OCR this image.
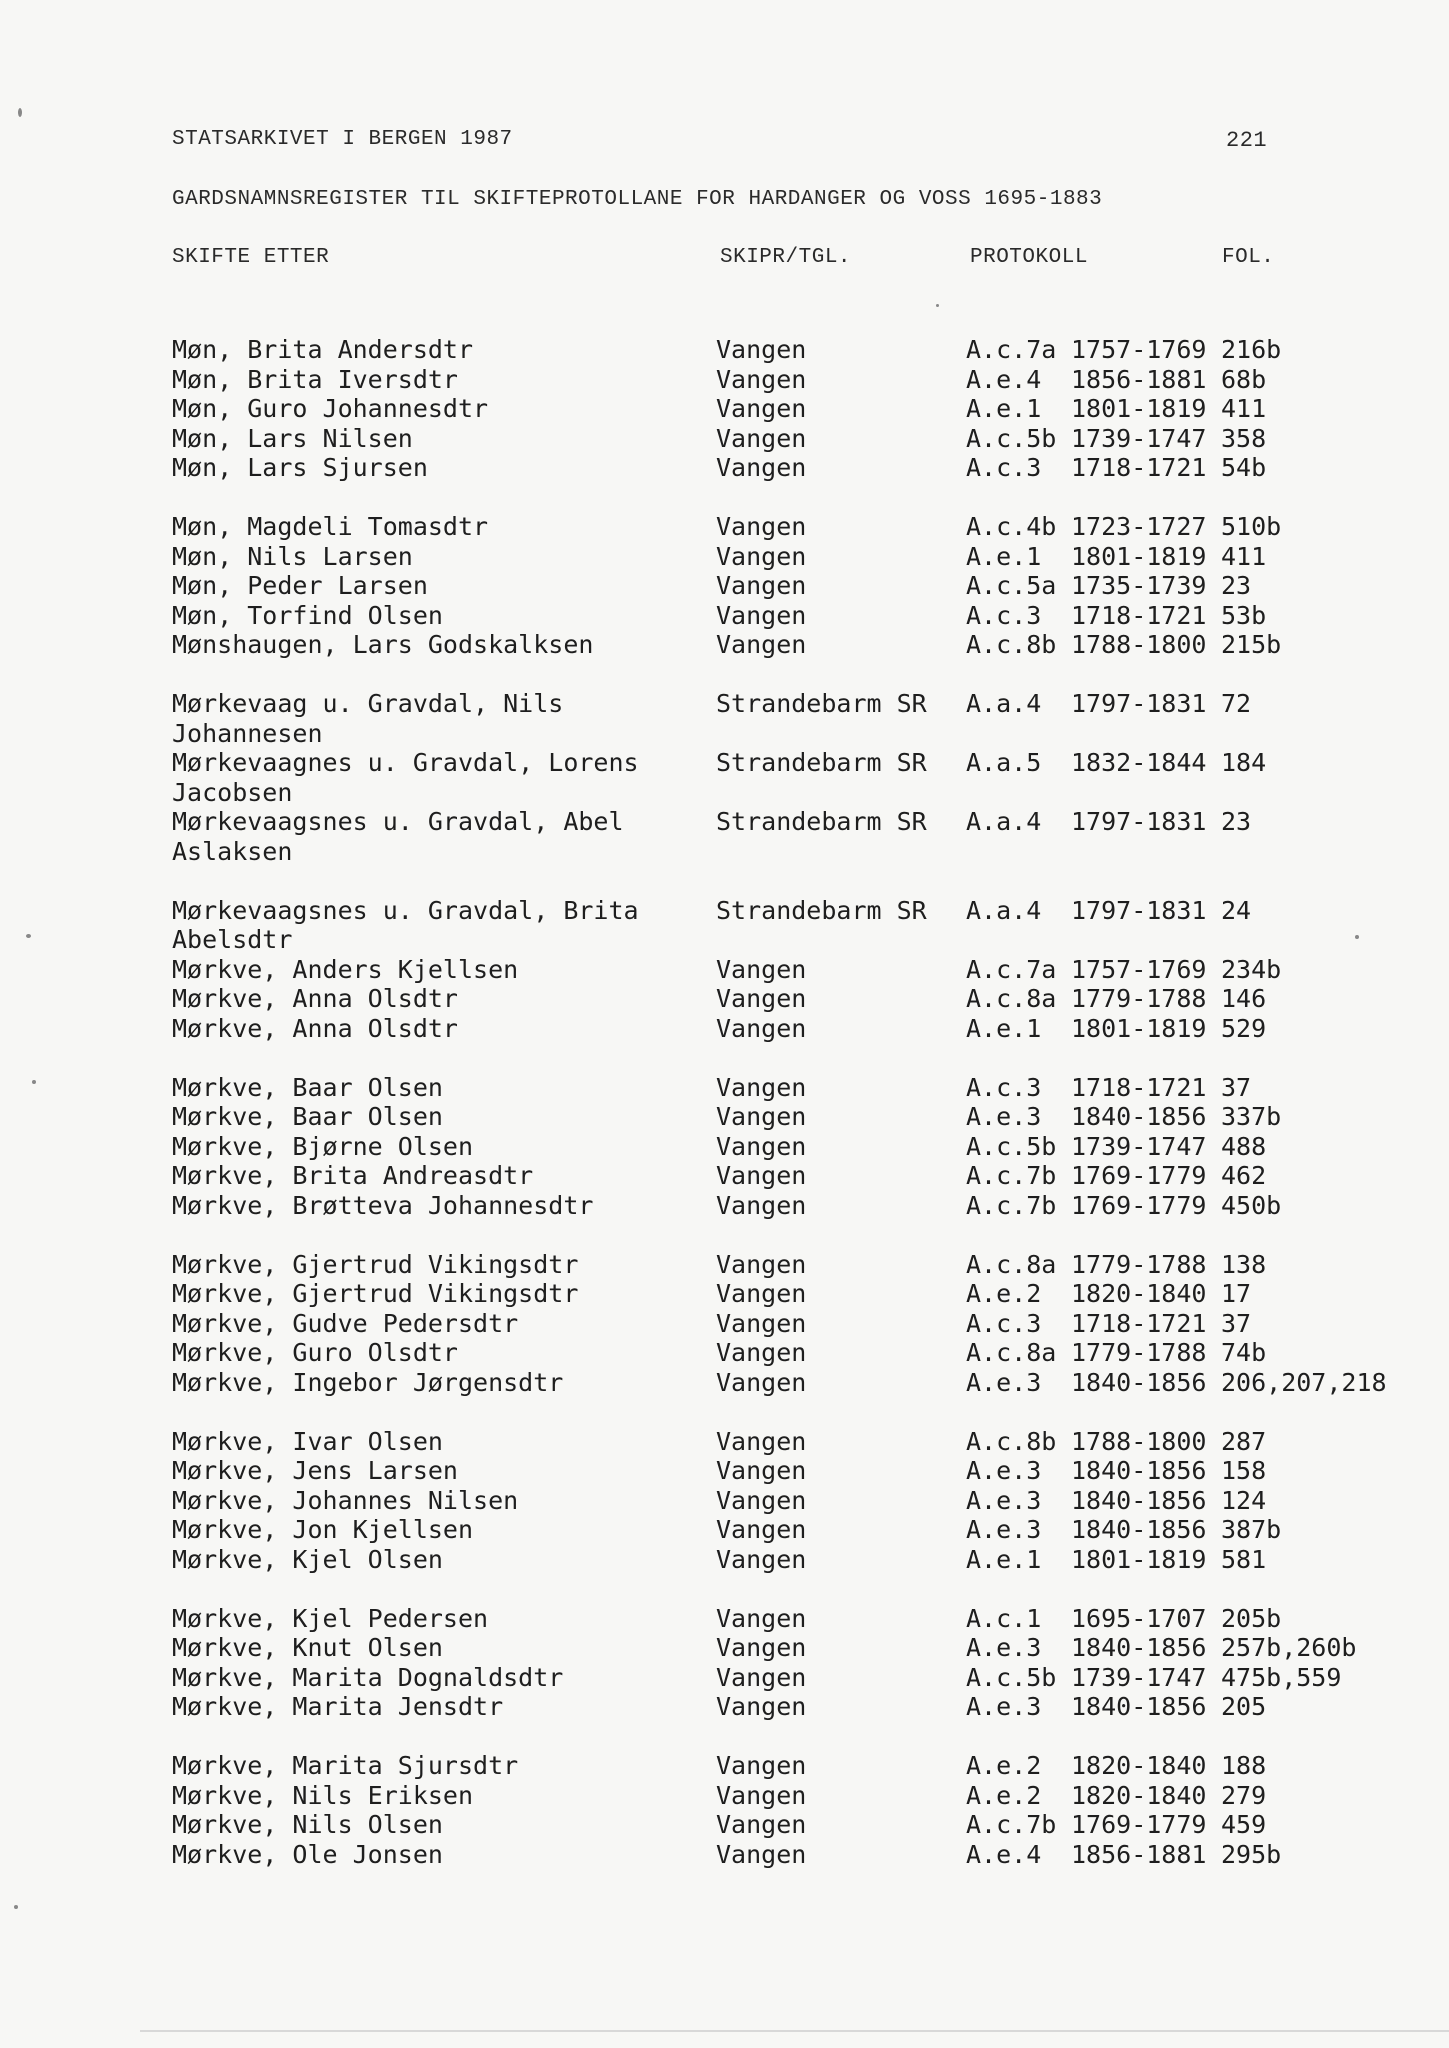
STATSARKIVET I BERGEN 1987	221
GARDSNAMNSREGISTER TIL SKIFTEPROTOLLANE FOR HARDANGER OG VOSS 1695-1883
SKIFTE ETTER	SKIPR/TGL.	PROTOKOLL	FOL.
Møn, Brita Andersdtr	Vangen	A.c.7a 1757-1769 216b
Møn, Brita Iversdtr	Vangen	A.e.4 1856-1881 68b
Møn, Guro Johannesdtr	Vangen	A.e.1 1801-1819 411
Møn, Lars Nilsen	Vangen	A.c.5b 1739-1747 358
Møn, Lars Sjursen	Vangen	A.c.3 1718-1721 54b
Møn, Magdeli Tomasdtr	Vangen	A.c.4b 1723-1727 510b
Møn, Nils Larsen	Vangen	A.e.1 1801-1819 411
Møn, Peder Larsen	Vangen	A.c.5a 1735-1739 23
Møn, Torfind Olsen	Vangen	A.c.3 1718-1721 53b
Mønshaugen, Lars Godskalksen	Vangen	A.c.8b 1788-1800 215b
Mørkevaag u. Gravdal, Nils	Strandebarm SR A.a.4 1797-1831 72
Johannesen
Mørkevaagnes u. Gravdal, Lorens	Strandebarm SR A.a.5 1832-1844 184
Jacobsen
Mørkevaagsnes u. Gravdal, Abel	Strandebarm SR A.a.4 1797-1831 23
Aslaksen
Mørkevaagsnes u. Gravdal, Brita	Strandebarm SR A.a.4 1797-1831 24
Abelsdtr
Mørkve, Anders Kjellsen	Vangen	A.c.7a 1757-1769 234b
Mørkve, Anna Olsdtr	Vangen	A.c.8a 1779-1788 146
Mørkve, Anna Olsdtr	Vangen	A.e.1 1801-1819 529
Mørkve, Baar Olsen	Vangen	A.c.3 1718-1721 37
Mørkve, Baar Olsen	Vangen	A.e.3 1840-1856 337b
Mørkve, Bjørne Olsen	Vangen	A.c.5b 1739-1747 488
Mørkve, Brita Andreasdtr	Vangen	A.c.7b 1769-1779 462
Mørkve, Brøtteva Johannesdtr	Vangen	A.c.7b 1769-1779 450b
Mørkve, Gjertrud Vikingsdtr	Vangen	A.c.8a 1779-1788 138
Mørkve, Gjertrud Vikingsdtr	Vangen	A.e.2 1820-1840 17
Mørkve, Gudve Pedersdtr	Vangen	A.c.3 1718-1721 37
Mørkve, Guro Olsdtr	Vangen	A.c.8a 1779-1788 74b
Mørkve, Ingebor Jørgensdtr	Vangen	A.e.3 1840-1856 206,207,218
Mørkve, Ivar Olsen	Vangen	A.c.8b 1788-1800 287
Mørkve, Jens Larsen	Vangen	A.e.3 1840-1856 158
Mørkve, Johannes Nilsen	Vangen	A.e.3 1840-1856 124
Mørkve, Jon Kjellsen	Vangen	A.e.3 1840-1856 387b
Mørkve, Kjel Olsen	Vangen	A.e.1 1801-1819 581
Mørkve, Kjel Pedersen	Vangen	A.c.1 1695-1707 205b
Mørkve, Knut Olsen	Vangen	A.e.3 1840-1856 257b,260b
Mørkve, Marita Dognaldsdtr	Vangen	A.c.5b 1739-1747 475b,559
Mørkve, Marita Jensdtr	Vangen	A.e.3 1840-1856 205
Mørkve, Marita Sjursdtr	Vangen	A.e.2 1820-1840 188
Mørkve, Nils Eriksen	Vangen	A.e.2 1820-1840 279
Mørkve, Nils Olsen	Vangen	A.c.7b 1769-1779 459
Mørkve, Ole Jonsen	Vangen	A.e.4 1856-1881 295b
